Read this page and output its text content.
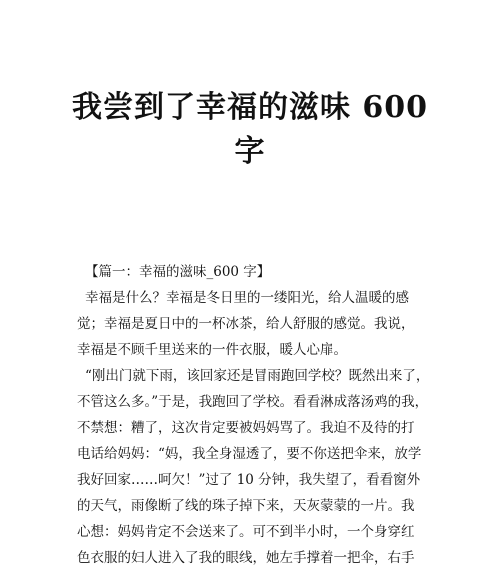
我尝到了幸福的滋味 600
字

【篇一：幸福的滋味_600 字】

幸福是什么？幸福是冬日里的一缕阳光，给人温暖的感

觉；幸福是夏日中的一杯冰茶，给人舒服的感觉。我说，

幸福是不顾千里送来的一件衣服，暖人心扉。

“刚出门就下雨，该回家还是冒雨跑回学校？既然出来了，

不管这么多。”于是，我跑回了学校。看看淋成落汤鸡的我，

不禁想：糟了，这次肯定要被妈妈骂了。我迫不及待的打

电话给妈妈：“妈，我全身湿透了，要不你送把伞来，放学

我好回家……呵欠！”过了 10 分钟，我失望了，看看窗外

的天气，雨像断了线的珠子掉下来，天灰蒙蒙的一片。我

心想：妈妈肯定不会送来了。可不到半小时，一个身穿红

色衣服的妇人进入了我的眼线，她左手撑着一把伞，右手
